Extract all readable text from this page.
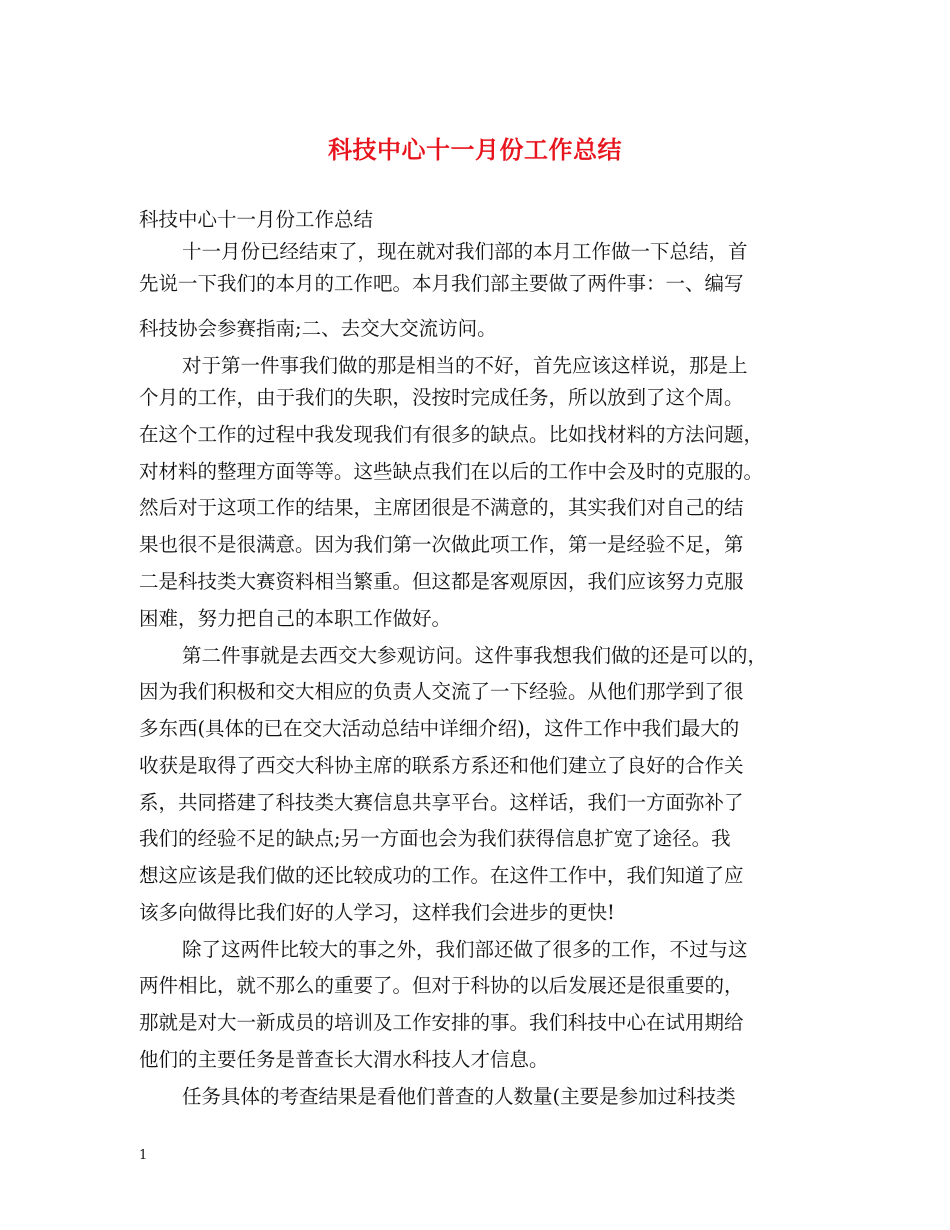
科技中心十一月份工作总结
科技中心十一月份工作总结
十一月份已经结束了，现在就对我们部的本月工作做一下总结，首
先说一下我们的本月的工作吧。本月我们部主要做了两件事：一、编写
科技协会参赛指南;二、去交大交流访问。
对于第一件事我们做的那是相当的不好，首先应该这样说，那是上
个月的工作，由于我们的失职，没按时完成任务，所以放到了这个周。
在这个工作的过程中我发现我们有很多的缺点。比如找材料的方法问题，
对材料的整理方面等等。这些缺点我们在以后的工作中会及时的克服的。
然后对于这项工作的结果，主席团很是不满意的，其实我们对自己的结
果也很不是很满意。因为我们第一次做此项工作，第一是经验不足，第
二是科技类大赛资料相当繁重。但这都是客观原因，我们应该努力克服
困难，努力把自己的本职工作做好。
第二件事就是去西交大参观访问。这件事我想我们做的还是可以的，
因为我们积极和交大相应的负责人交流了一下经验。从他们那学到了很
多东西(具体的已在交大活动总结中详细介绍)，这件工作中我们最大的
收获是取得了西交大科协主席的联系方系还和他们建立了良好的合作关
系，共同搭建了科技类大赛信息共享平台。这样话，我们一方面弥补了
我们的经验不足的缺点;另一方面也会为我们获得信息扩宽了途径。我
想这应该是我们做的还比较成功的工作。在这件工作中，我们知道了应
该多向做得比我们好的人学习，这样我们会进步的更快!
除了这两件比较大的事之外，我们部还做了很多的工作，不过与这
两件相比，就不那么的重要了。但对于科协的以后发展还是很重要的，
那就是对大一新成员的培训及工作安排的事。我们科技中心在试用期给
他们的主要任务是普查长大渭水科技人才信息。
任务具体的考查结果是看他们普查的人数量(主要是参加过科技类
1
